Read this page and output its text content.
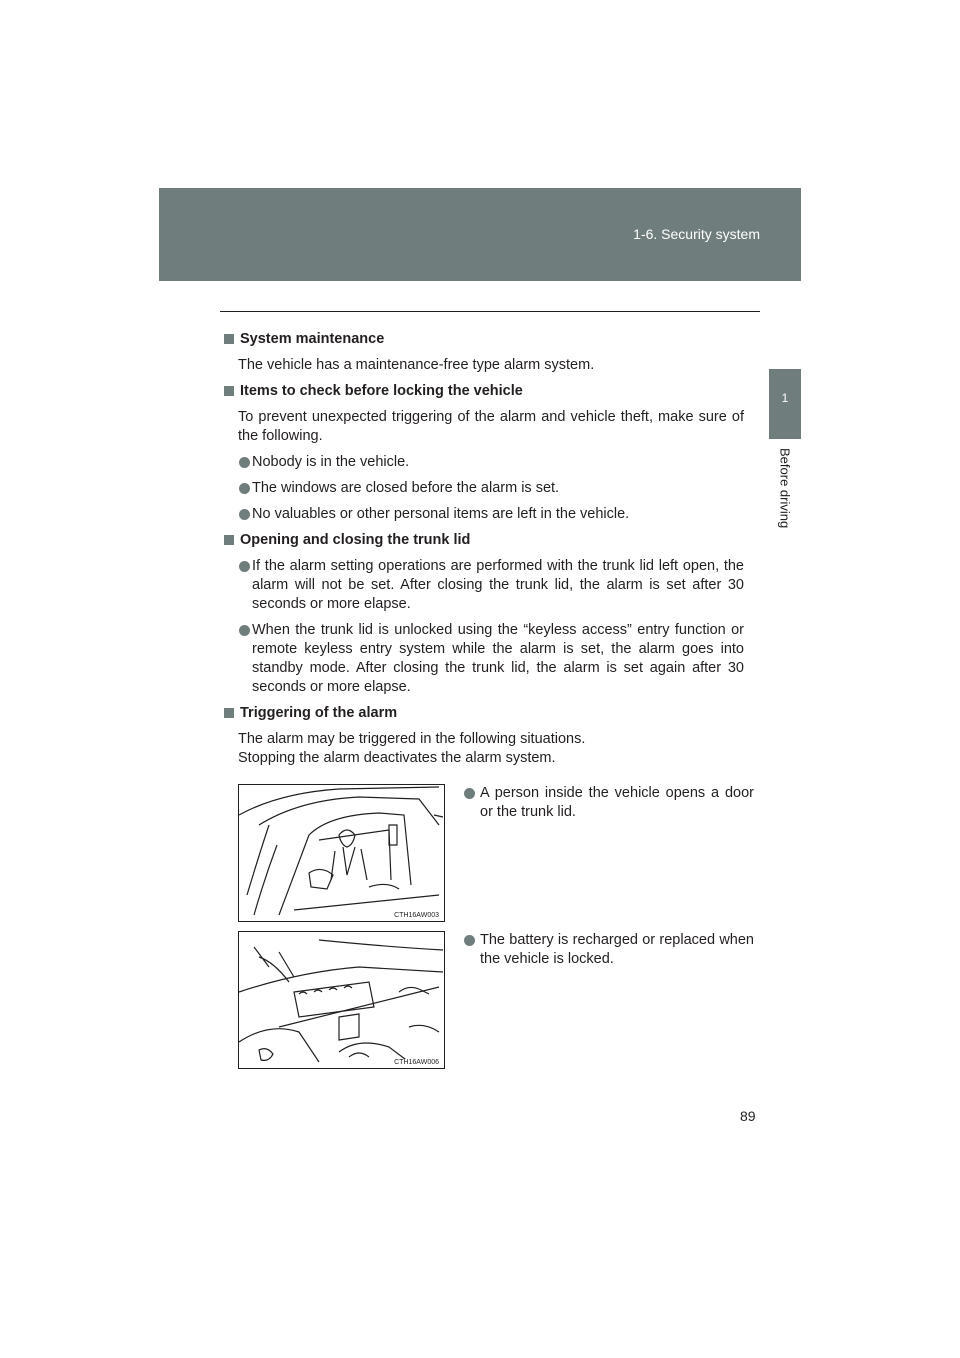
1-6. Security system
1
Before driving
System maintenance
The vehicle has a maintenance-free type alarm system.
Items to check before locking the vehicle
To prevent unexpected triggering of the alarm and vehicle theft, make sure of the following.
Nobody is in the vehicle.
The windows are closed before the alarm is set.
No valuables or other personal items are left in the vehicle.
Opening and closing the trunk lid
If the alarm setting operations are performed with the trunk lid left open, the alarm will not be set. After closing the trunk lid, the alarm is set after 30 seconds or more elapse.
When the trunk lid is unlocked using the “keyless access” entry function or remote keyless entry system while the alarm is set, the alarm goes into standby mode. After closing the trunk lid, the alarm is set again after 30 seconds or more elapse.
Triggering of the alarm
The alarm may be triggered in the following situations.
Stopping the alarm deactivates the alarm system.
CTH16AW003
A person inside the vehicle opens a door or the trunk lid.
CTH16AW006
The battery is recharged or replaced when the vehicle is locked.
89
